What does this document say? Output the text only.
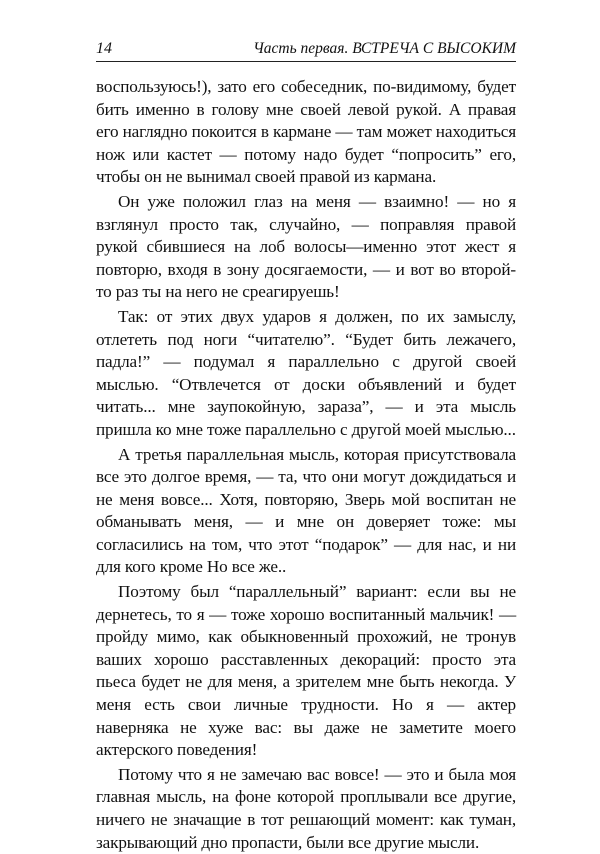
14	Часть первая. ВСТРЕЧА С ВЫСОКИМ

воспользуюсь!), зато его собеседник, по-видимому, будет бить именно в голову мне своей левой рукой. А правая его наглядно покоится в кармане — там может находиться нож или кастет — потому надо будет “попросить” его, чтобы он не вынимал своей правой из кармана.

Он уже положил глаз на меня — взаимно! — но я взглянул просто так, случайно, — поправляя правой рукой сбившиеся на лоб волосы—именно этот жест я повторю, входя в зону досягаемости, — и вот во второй-то раз ты на него не среагируешь!

Так: от этих двух ударов я должен, по их замыслу, отлететь под ноги “читателю”. “Будет бить лежачего, падла!” — подумал я параллельно с другой своей мыслью. “Отвлечется от доски объявлений и будет читать... мне заупокойную, зараза”, — и эта мысль пришла ко мне тоже параллельно с другой моей мыслью...

А третья параллельная мысль, которая присутствовала все это долгое время, — та, что они могут дождидаться и не меня вовсе... Хотя, повторяю, Зверь мой воспитан не обманывать меня, — и мне он доверяет тоже: мы согласились на том, что этот “подарок” — для нас, и ни для кого кроме Но все же..

Поэтому был “параллельный” вариант: если вы не дернетесь, то я — тоже хорошо воспитанный мальчик! — пройду мимо, как обыкновенный прохожий, не тронув ваших хорошо расставленных декораций: просто эта пьеса будет не для меня, а зрителем мне быть некогда. У меня есть свои личные трудности. Но я — актер наверняка не хуже вас: вы даже не заметите моего актерского поведения!

Потому что я не замечаю вас вовсе! — это и была моя главная мысль, на фоне которой проплывали все другие, ничего не значащие в тот решающий момент: как туман, закрывающий дно пропасти, были все другие мысли.
